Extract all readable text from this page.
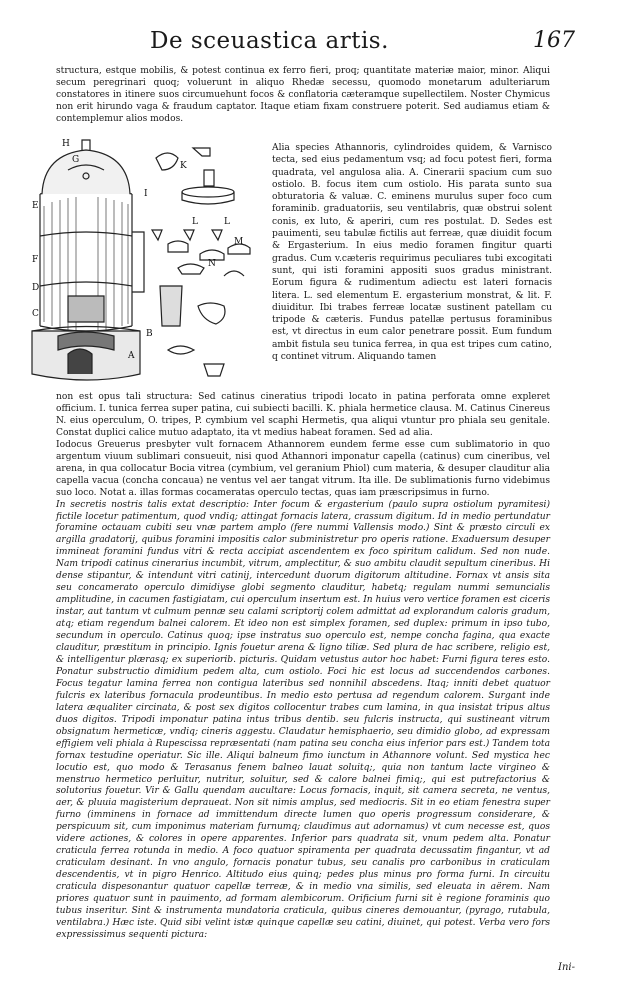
De sceuastica artis.	167

structura, estque mobilis, & potest continua ex ferro fieri, proq; quantitate materiæ maior, minor. Aliqui secum peregrinari quoq; voluerunt in aliquo Rhedæ secessu, quomodo monetarum adulteriarum constatores in itinere suos circumuehunt focos & conflatoria cæteramque supellectilem. Noster Chymicus non erit hirundo vaga & fraudum captator. Itaque etiam fixam construere poterit. Sed audiamus etiam & contemplemur alios modos.

H
K
G
E
F
L	L
M
N
D
C
B
A
I

Alia species Athannoris, cylindroides quidem, & Varnisco tecta, sed eius pedamentum vsq; ad focu potest fieri, forma quadrata, vel angulosa alia. A. Cinerarii spacium cum suo ostiolo. B. focus item cum ostiolo. His parata sunto sua obturatoria & valuæ. C. eminens murulus super foco cum foraminib. graduatoriis, seu ventilabris, quæ obstrui solent conis, ex luto, & aperiri, cum res postulat. D. Sedes est pauimenti, seu tabulæ fictilis aut ferreæ, quæ diuidit focum & Ergasterium. In eius medio foramen fingitur quarti gradus. Cum v.cæteris requirimus peculiares tubi excogitati sunt, qui isti foramini appositi suos gradus ministrant. Eorum figura & rudimentum adiectu est lateri fornacis litera. L. sed elementum E. ergasterium monstrat, & lit. F. diuiditur. Ibi trabes ferreæ locatæ sustinent patellam cu tripode & cæteris. Fundus patellæ pertusus foraminibus est, vt directus in eum calor penetrare possit. Eum fundum ambit fistula seu tunica ferrea, in qua est tripes cum catino, q continet vitrum. Aliquando tamen

non est opus tali structura: Sed catinus cineratius tripodi locato in patina perforata omne expleret officium. I. tunica ferrea super patina, cui subiecti bacilli. K. phiala hermetice clausa. M. Catinus Cinereus N. eius operculum, O. tripes, P. cymbium vel scaphi Hermetis, qua aliqui vtuntur pro phiala seu genitale. Constat duplici calice mutuo adaptato, ita vt medius habeat foramen. Sed ad alia.

Iodocus Greuerus presbyter vult fornacem Athannorem eundem ferme esse cum sublimatorio in quo argentum viuum sublimari consueuit, nisi quod Athannori imponatur capella (catinus) cum cineribus, vel arena, in qua collocatur Bocia vitrea (cymbium, vel geranium Phiol) cum materia, & desuper clauditur alia capella vacua (concha concaua) ne ventus vel aer tangat vitrum. Ita ille. De sublimationis furno videbimus suo loco. Notat a. illas formas cocameratas operculo tectas, quas iam præscripsimus in furno.

In secretis nostris talis extat descriptio: Inter focum & ergasterium (paulo supra ostiolum pyramitesi) fictile locetur patimentum, quod vndiq; attingat fornacis latera, crassum digitum. Id in medio pertundatur foramine octauam cubiti seu vnæ partem amplo (fere nummi Vallensis modo.) Sint & præsto circuli ex argilla gradatorij, quibus foramini impositis calor subministretur pro operis ratione. Exaduersum desuper immineat foramini fundus vitri & recta accipiat ascendentem ex foco spiritum calidum. Sed non nude. Nam tripodi catinus cinerarius incumbit, vitrum, amplectitur, & suo ambitu claudit sepultum cineribus. Hi dense stipantur, & intendunt vitri catinij, intercedunt duorum digitorum altitudine. Fornax vt ansis sita seu concamerato operculo dimidiyse globi segmento clauditur, habetq; regulam nummi semuncialis amplitudine, in cacumen fastigiatam, cui operculum insertum est. In huius vero vertice foramen est ciceris instar, aut tantum vt culmum pennæ seu calami scriptorij colem admittat ad explorandum caloris gradum, atq; etiam regendum balnei calorem. Et ideo non est simplex foramen, sed duplex: primum in ipso tubo, secundum in operculo. Catinus quoq; ipse instratus suo operculo est, nempe concha fagina, qua exacte clauditur, præstitum in principio. Ignis fouetur arena & ligno tiliæ. Sed plura de hac scribere, religio est, & intelligentur plærasq; ex superiorib. picturis. Quidam vetustus autor hoc habet: Furni figura teres esto. Ponatur substructio dimidium pedem alta, cum ostiolo. Foci hic est locus ad succendendos carbones. Focus tegatur lamina ferrea non contigua lateribus sed nonnihil abscedens. Itaq; inniti debet quatuor fulcris ex lateribus fornacula prodeuntibus. In medio esto pertusa ad regendum calorem. Surgant inde latera æqualiter circinata, & post sex digitos collocentur trabes cum lamina, in qua insistat tripus altus duos digitos. Tripodi imponatur patina intus tribus dentib. seu fulcris instructa, qui sustineant vitrum obsignatum hermeticæ, vndiq; cineris aggestu. Claudatur hemisphaerio, seu dimidio globo, ad expressam effigiem veli phiala à Rupescissa repræsentati (nam patina seu concha eius inferior pars est.) Tandem tota fornax testudine operiatur. Sic ille. Aliqui balneum fimo iunctum in Athannore volunt. Sed mystica hec locutio est, quo modo & Terasanus fenem balneo lauat soluitq;, quia non tantum lacte virgineo & menstruo hermetico perluitur, nutritur, soluitur, sed & calore balnei fimiq;, qui est putrefactorius & solutorius fouetur. Vir & Gallu quendam aucultare: Locus fornacis, inquit, sit camera secreta, ne ventus, aer, & pluuia magisterium depraueat. Non sit nimis amplus, sed mediocris. Sit in eo etiam fenestra super furno (imminens in fornace ad immittendum directe lumen quo operis progressum considerare, & perspicuum sit, cum imponimus materiam furnumq; claudimus aut adornamus) vt cum necesse est, quos videre actiones, & colores in opere apparentes. Inferior pars quadrata sit, vnum pedem alta. Ponatur craticula ferrea rotunda in medio. A foco quatuor spiramenta per quadrata decussatim fingantur, vt ad craticulam desinant. In vno angulo, fornacis ponatur tubus, seu canalis pro carbonibus in craticulam descendentis, vt in pigro Henrico. Altitudo eius quinq; pedes plus minus pro forma furni. In circuitu craticula dispesonantur quatuor capellæ terreæ, & in medio vna similis, sed eleuata in aërem. Nam priores quatuor sunt in pauimento, ad formam alembicorum. Orificium furni sit è regione foraminis quo tubus inseritur. Sint & instrumenta mundatoria craticula, quibus cineres demouantur, (pyrago, rutabula, ventilabra.) Hæc iste. Quid sibi velint istæ quinque capellæ seu catini, diuinet, qui potest. Verba vero fors expressissimus sequenti pictura:

Ini-
